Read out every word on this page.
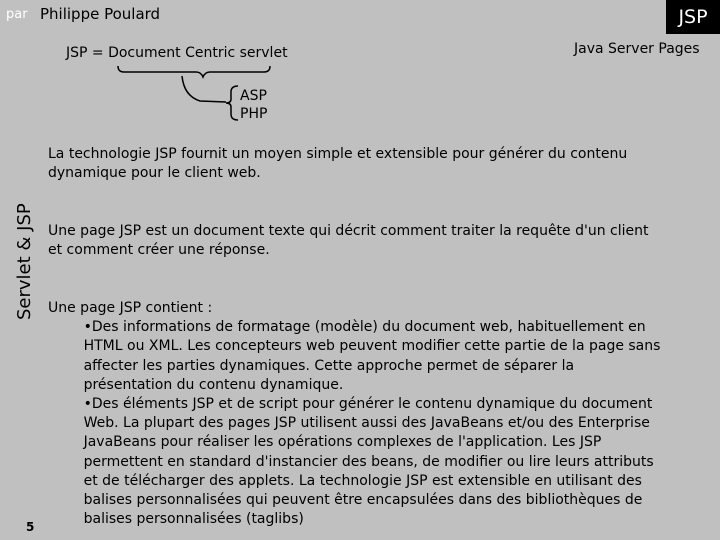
par Philippe Poulard	JSP
Servlet & JSP
5
JSP = Document Centric servlet	Java Server Pages
ASP
PHP
La technologie JSP fournit un moyen simple et extensible pour générer du contenu
dynamique pour le client web.
Une page JSP est un document texte qui décrit comment traiter la requête d'un client
et comment créer une réponse.
Une page JSP contient :
•Des informations de formatage (modèle) du document web, habituellement en
HTML ou XML. Les concepteurs web peuvent modifier cette partie de la page sans
affecter les parties dynamiques. Cette approche permet de séparer la
présentation du contenu dynamique.
•Des éléments JSP et de script pour générer le contenu dynamique du document
Web. La plupart des pages JSP utilisent aussi des JavaBeans et/ou des Enterprise
JavaBeans pour réaliser les opérations complexes de l'application. Les JSP
permettent en standard d'instancier des beans, de modifier ou lire leurs attributs
et de télécharger des applets. La technologie JSP est extensible en utilisant des
balises personnalisées qui peuvent être encapsulées dans des bibliothèques de
balises personnalisées (taglibs)
